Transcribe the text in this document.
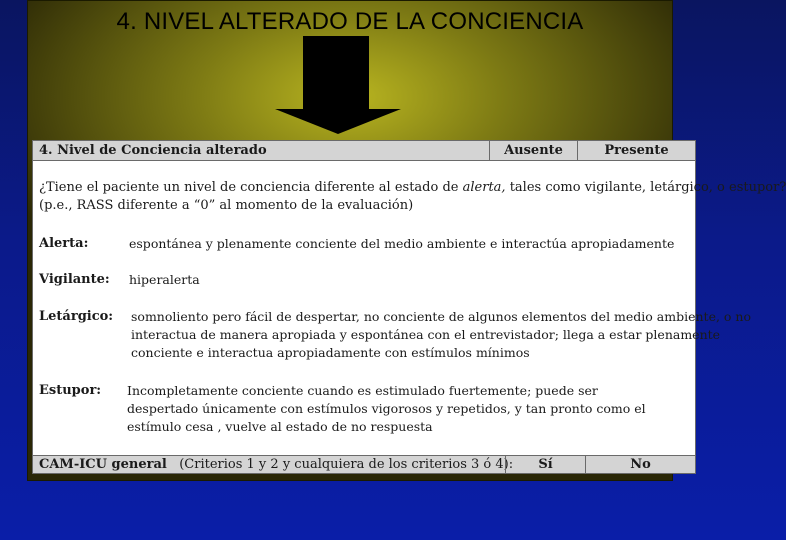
4. NIVEL ALTERADO DE LA CONCIENCIA
4. Nivel de Conciencia alterado	Ausente	Presente
¿Tiene el paciente un nivel de conciencia diferente al estado de alerta, tales como vigilante, letárgico, o estupor?
(p.e., RASS diferente a “0” al momento de la evaluación)
Alerta:	espontánea y plenamente conciente del medio ambiente e interactúa apropiadamente
Vigilante: hiperalerta
Letárgico: somnoliento pero fácil de despertar, no conciente de algunos elementos del medio ambiente, o no
interactua de manera apropiada y espontánea con el entrevistador; llega a estar plenamente
conciente e interactua apropiadamente con estímulos mínimos
Estupor: Incompletamente conciente cuando es estimulado fuertemente; puede ser
despertado únicamente con estímulos vigorosos y repetidos, y tan pronto como el
estímulo cesa , vuelve al estado de no respuesta
CAM-ICU general (Criterios 1 y 2 y cualquiera de los criterios 3 ó 4):	Sí	No
